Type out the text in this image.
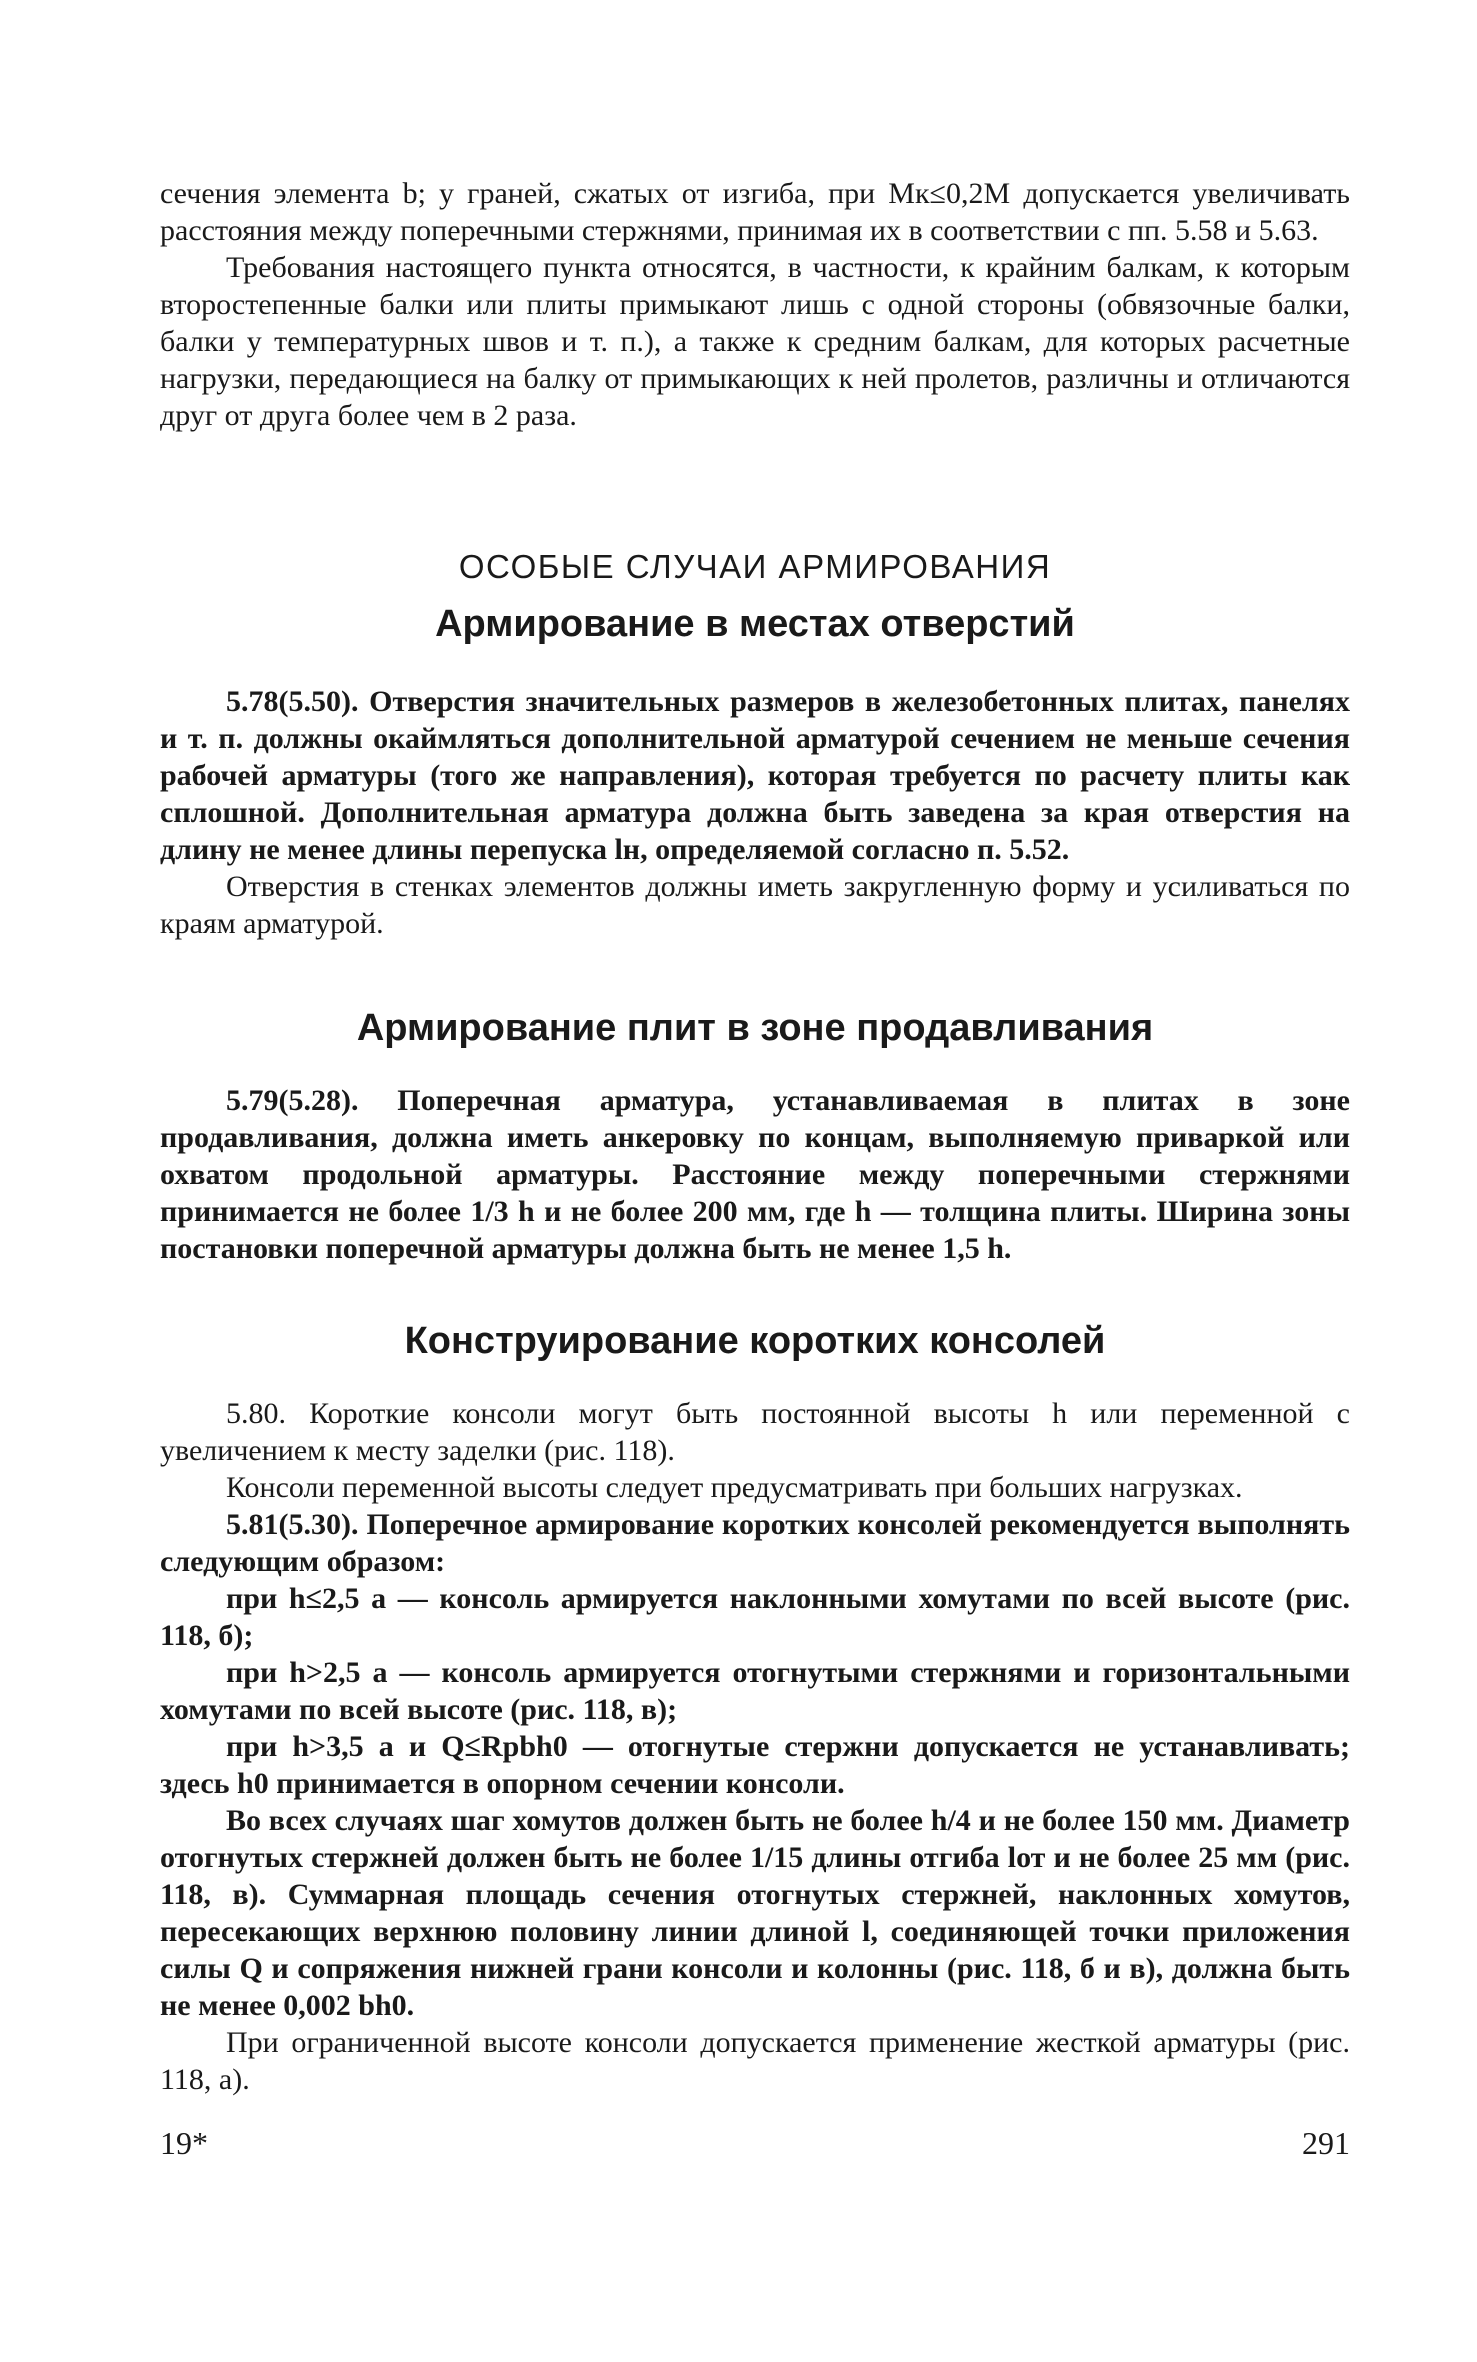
сечения элемента b; у граней, сжатых от изгиба, при Mк≤0,2M допускается увеличивать расстояния между поперечными стержнями, принимая их в соответствии с пп. 5.58 и 5.63.

Требования настоящего пункта относятся, в частности, к крайним балкам, к которым второстепенные балки или плиты примыкают лишь с одной стороны (обвязочные балки, балки у температурных швов и т. п.), а также к средним балкам, для которых расчетные нагрузки, передающиеся на балку от примыкающих к ней пролетов, различны и отличаются друг от друга более чем в 2 раза.

ОСОБЫЕ СЛУЧАИ АРМИРОВАНИЯ
Армирование в местах отверстий

5.78(5.50). Отверстия значительных размеров в железобетонных плитах, панелях и т. п. должны окаймляться дополнительной арматурой сечением не меньше сечения рабочей арматуры (того же направления), которая требуется по расчету плиты как сплошной. Дополнительная арматура должна быть заведена за края отверстия на длину не менее длины перепуска lн, определяемой согласно п. 5.52.

Отверстия в стенках элементов должны иметь закругленную форму и усиливаться по краям арматурой.

Армирование плит в зоне продавливания

5.79(5.28). Поперечная арматура, устанавливаемая в плитах в зоне продавливания, должна иметь анкеровку по концам, выполняемую приваркой или охватом продольной арматуры. Расстояние между поперечными стержнями принимается не более 1/3 h и не более 200 мм, где h — толщина плиты. Ширина зоны постановки поперечной арматуры должна быть не менее 1,5 h.

Конструирование коротких консолей

5.80. Короткие консоли могут быть постоянной высоты h или переменной с увеличением к месту заделки (рис. 118).

Консоли переменной высоты следует предусматривать при больших нагрузках.

5.81(5.30). Поперечное армирование коротких консолей рекомендуется выполнять следующим образом:

при h≤2,5 a — консоль армируется наклонными хомутами по всей высоте (рис. 118, б);

при h>2,5 a — консоль армируется отогнутыми стержнями и горизонтальными хомутами по всей высоте (рис. 118, в);

при h>3,5 a и Q≤Rpbh0 — отогнутые стержни допускается не устанавливать; здесь h0 принимается в опорном сечении консоли.

Во всех случаях шаг хомутов должен быть не более h/4 и не более 150 мм. Диаметр отогнутых стержней должен быть не более 1/15 длины отгиба lот и не более 25 мм (рис. 118, в). Суммарная площадь сечения отогнутых стержней, наклонных хомутов, пересекающих верхнюю половину линии длиной l, соединяющей точки приложения силы Q и сопряжения нижней грани консоли и колонны (рис. 118, б и в), должна быть не менее 0,002 bh0.

При ограниченной высоте консоли допускается применение жесткой арматуры (рис. 118, а).

19*	291
